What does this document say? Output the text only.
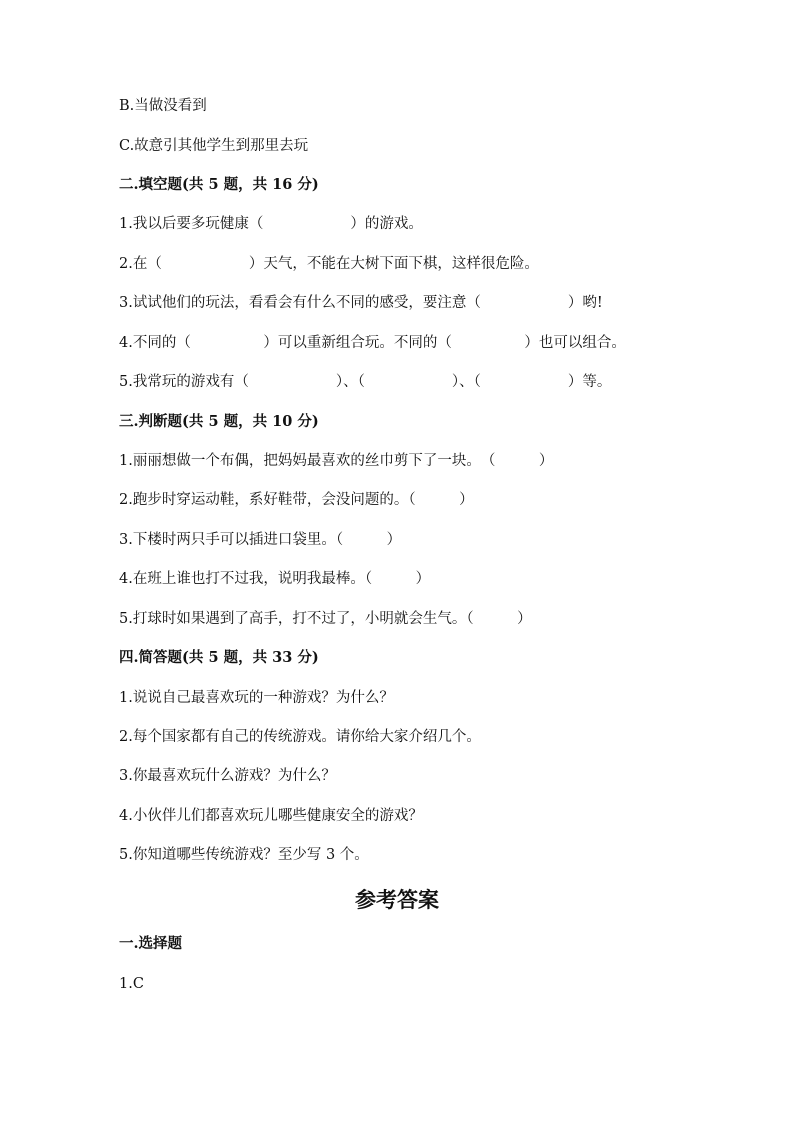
B.当做没看到
C.故意引其他学生到那里去玩
二.填空题(共 5 题，共 16 分)
1.我以后要多玩健康（　　　　　　）的游戏。
2.在（　　　　　　）天气，不能在大树下面下棋，这样很危险。
3.试试他们的玩法，看看会有什么不同的感受，要注意（　　　　　　）哟!
4.不同的（　　　　　）可以重新组合玩。不同的（　　　　　）也可以组合。
5.我常玩的游戏有（　　　　　　）、（　　　　　　）、（　　　　　　）等。
三.判断题(共 5 题，共 10 分)
1.丽丽想做一个布偶，把妈妈最喜欢的丝巾剪下了一块。　（　　　）
2.跑步时穿运动鞋，系好鞋带，会没问题的。（　　　）
3.下楼时两只手可以插进口袋里。（　　　）
4.在班上谁也打不过我，说明我最棒。（　　　）
5.打球时如果遇到了高手，打不过了，小明就会生气。（　　　）
四.简答题(共 5 题，共 33 分)
1.说说自己最喜欢玩的一种游戏？为什么？
2.每个国家都有自己的传统游戏。请你给大家介绍几个。
3.你最喜欢玩什么游戏？为什么？
4.小伙伴儿们都喜欢玩儿哪些健康安全的游戏？
5.你知道哪些传统游戏？至少写 3 个。
参考答案
一.选择题
1.C
